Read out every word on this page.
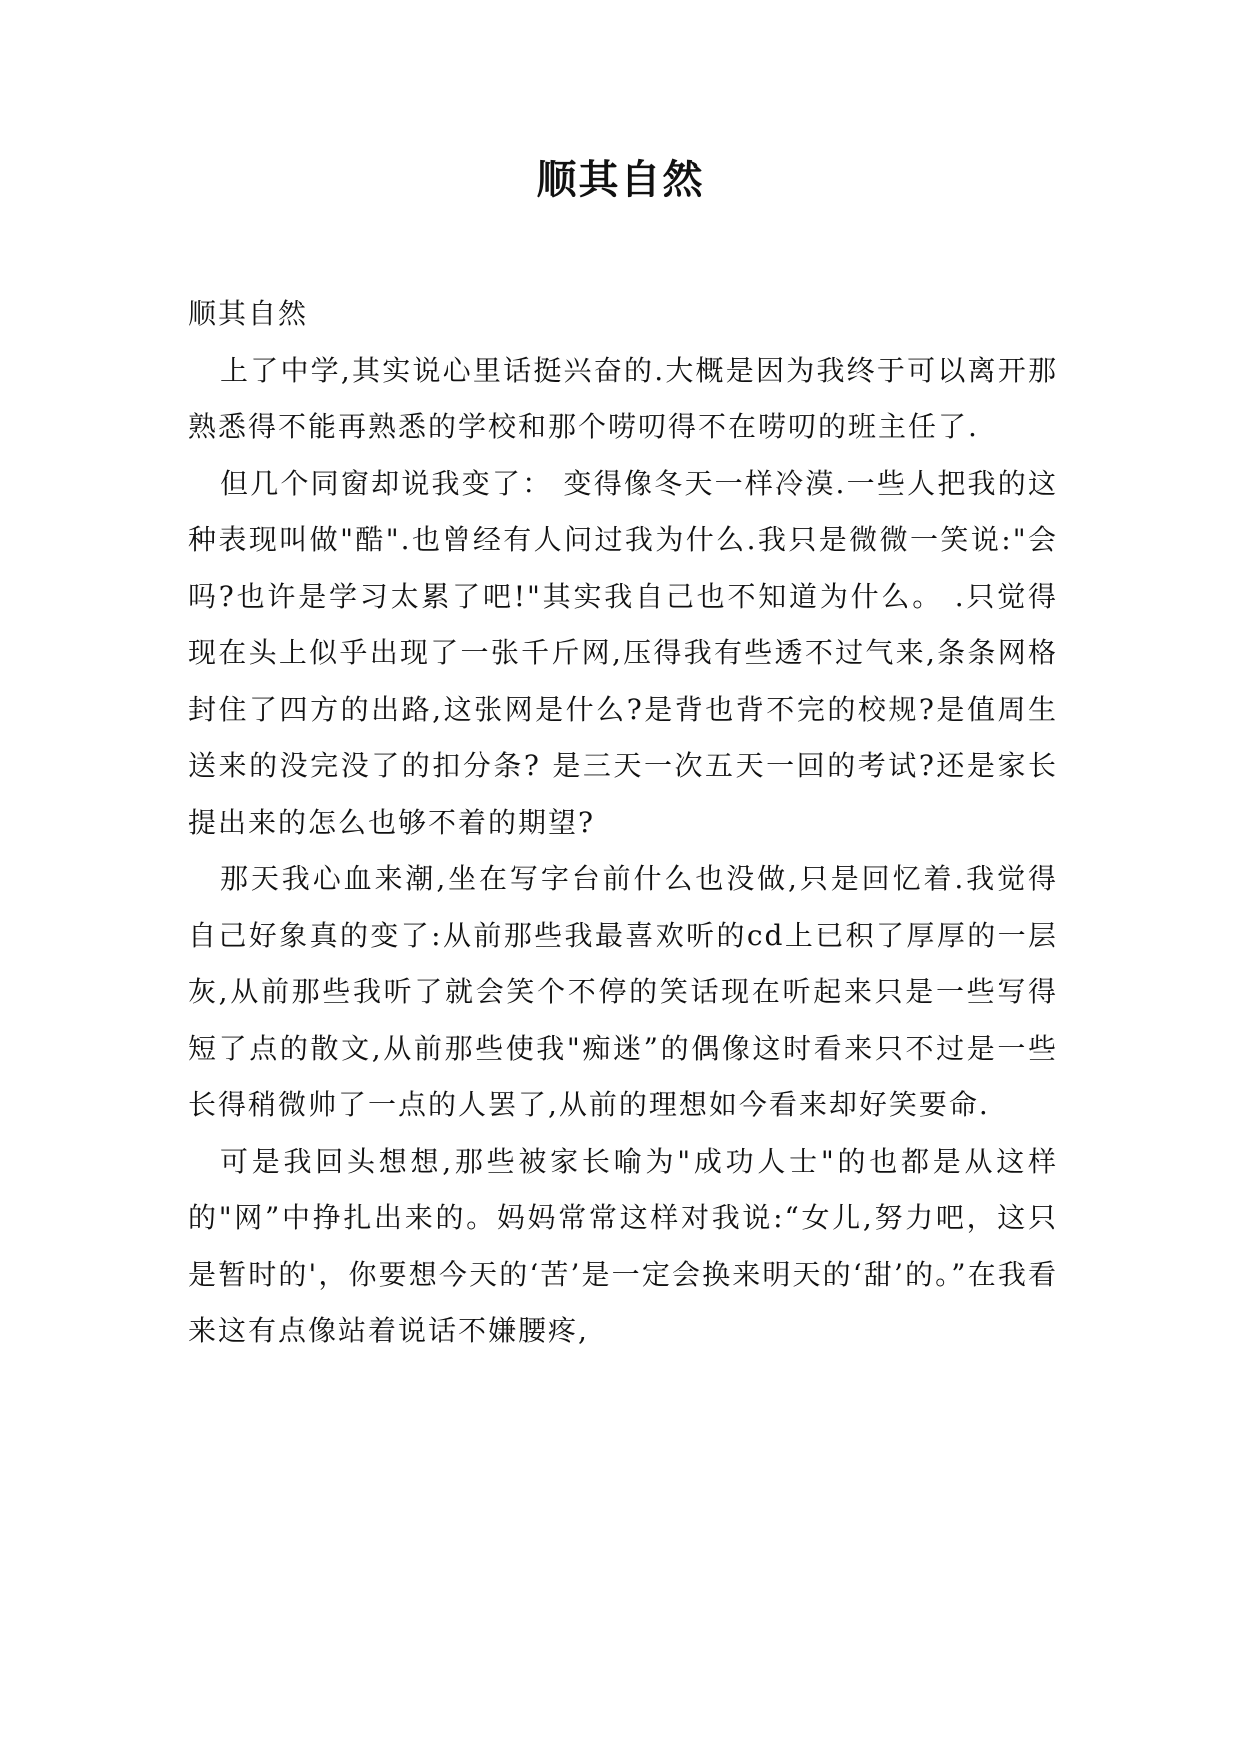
顺其自然

顺其自然

上了中学,其实说心里话挺兴奋的.大概是因为我终于可以离开那熟悉得不能再熟悉的学校和那个唠叨得不在唠叨的班主任了.

但几个同窗却说我变了： 变得像冬天一样冷漠.一些人把我的这种表现叫做"酷".也曾经有人问过我为什么.我只是微微一笑说:"会吗?也许是学习太累了吧!"其实我自己也不知道为什么。 .只觉得现在头上似乎出现了一张千斤网,压得我有些透不过气来,条条网格封住了四方的出路,这张网是什么?是背也背不完的校规?是值周生送来的没完没了的扣分条? 是三天一次五天一回的考试?还是家长提出来的怎么也够不着的期望?

那天我心血来潮,坐在写字台前什么也没做,只是回忆着.我觉得自己好象真的变了:从前那些我最喜欢听的cd上已积了厚厚的一层灰,从前那些我听了就会笑个不停的笑话现在听起来只是一些写得短了点的散文,从前那些使我"痴迷”的偶像这时看来只不过是一些长得稍微帅了一点的人罢了,从前的理想如今看来却好笑要命.

可是我回头想想,那些被家长喻为"成功人士"的也都是从这样的"网”中挣扎出来的。妈妈常常这样对我说:“女儿,努力吧，这只是暂时的'，你要想今天的‘苦’是一定会换来明天的‘甜’的。”在我看来这有点像站着说话不嫌腰疼,
